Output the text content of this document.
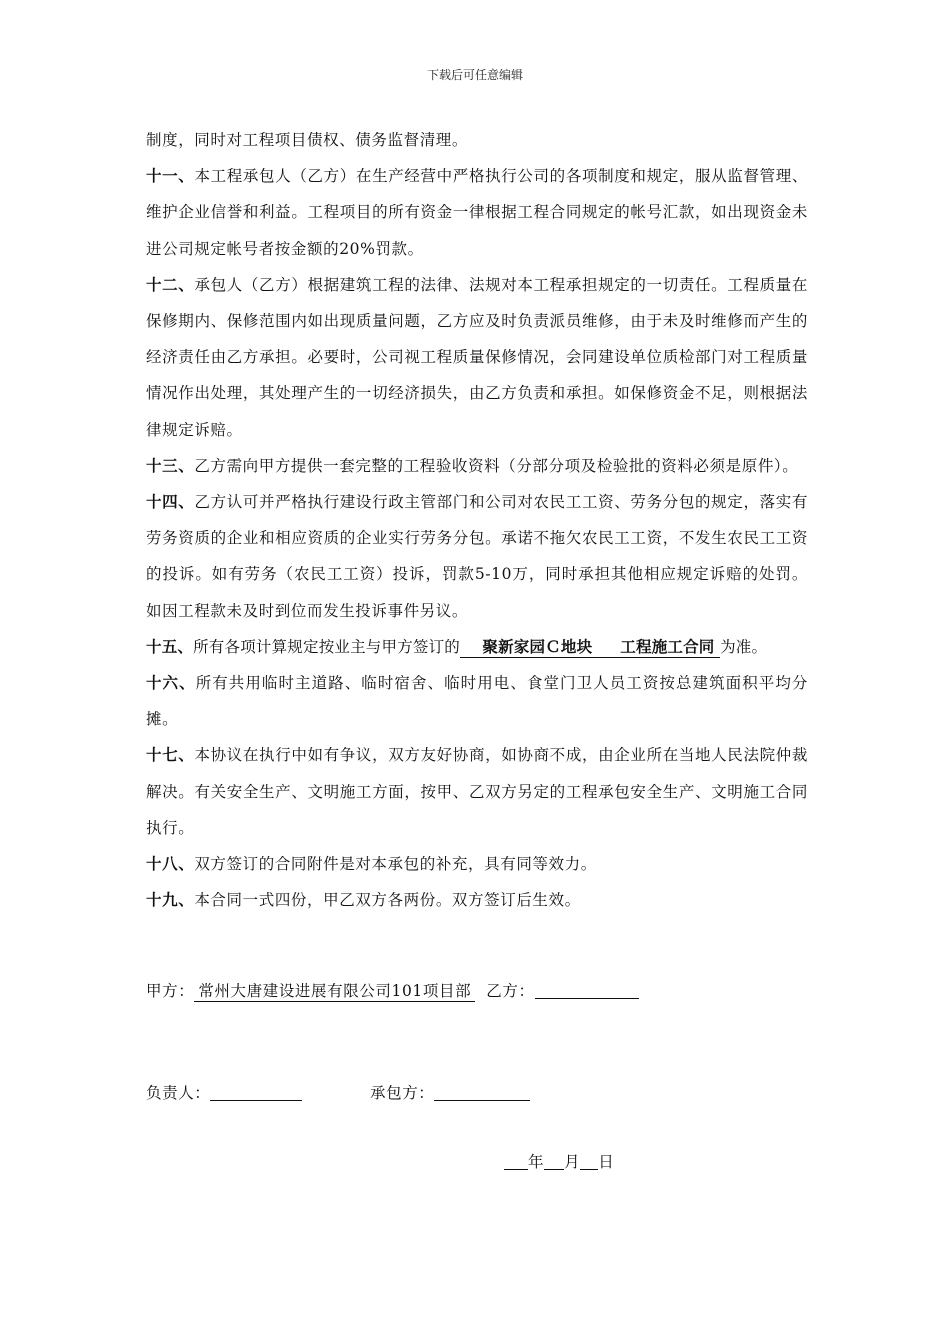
下载后可任意编辑

制度，同时对工程项目债权、债务监督清理。

十一、本工程承包人（乙方）在生产经营中严格执行公司的各项制度和规定，服从监督管理、维护企业信誉和利益。工程项目的所有资金一律根据工程合同规定的帐号汇款，如出现资金未进公司规定帐号者按金额的20%罚款。

十二、承包人（乙方）根据建筑工程的法律、法规对本工程承担规定的一切责任。工程质量在保修期内、保修范围内如出现质量问题，乙方应及时负责派员维修，由于未及时维修而产生的经济责任由乙方承担。必要时，公司视工程质量保修情况，会同建设单位质检部门对工程质量情况作出处理，其处理产生的一切经济损失，由乙方负责和承担。如保修资金不足，则根据法律规定诉赔。

十三、乙方需向甲方提供一套完整的工程验收资料（分部分项及检验批的资料必须是原件）。

十四、乙方认可并严格执行建设行政主管部门和公司对农民工工资、劳务分包的规定，落实有劳务资质的企业和相应资质的企业实行劳务分包。承诺不拖欠农民工工资，不发生农民工工资的投诉。如有劳务（农民工工资）投诉，罚款5-10万，同时承担其他相应规定诉赔的处罚。如因工程款未及时到位而发生投诉事件另议。

十五、所有各项计算规定按业主与甲方签订的 聚新家园Ｃ地块 工程施工合同 为准。

十六、所有共用临时主道路、临时宿舍、临时用电、食堂门卫人员工资按总建筑面积平均分摊。

十七、本协议在执行中如有争议，双方友好协商，如协商不成，由企业所在当地人民法院仲裁解决。有关安全生产、文明施工方面，按甲、乙双方另定的工程承包安全生产、文明施工合同执行。

十八、双方签订的合同附件是对本承包的补充，具有同等效力。

十九、本合同一式四份，甲乙双方各两份。双方签订后生效。

甲方： 常州大唐建设进展有限公司101项目部 乙方：
负责人：	承包方：
年 月 日
